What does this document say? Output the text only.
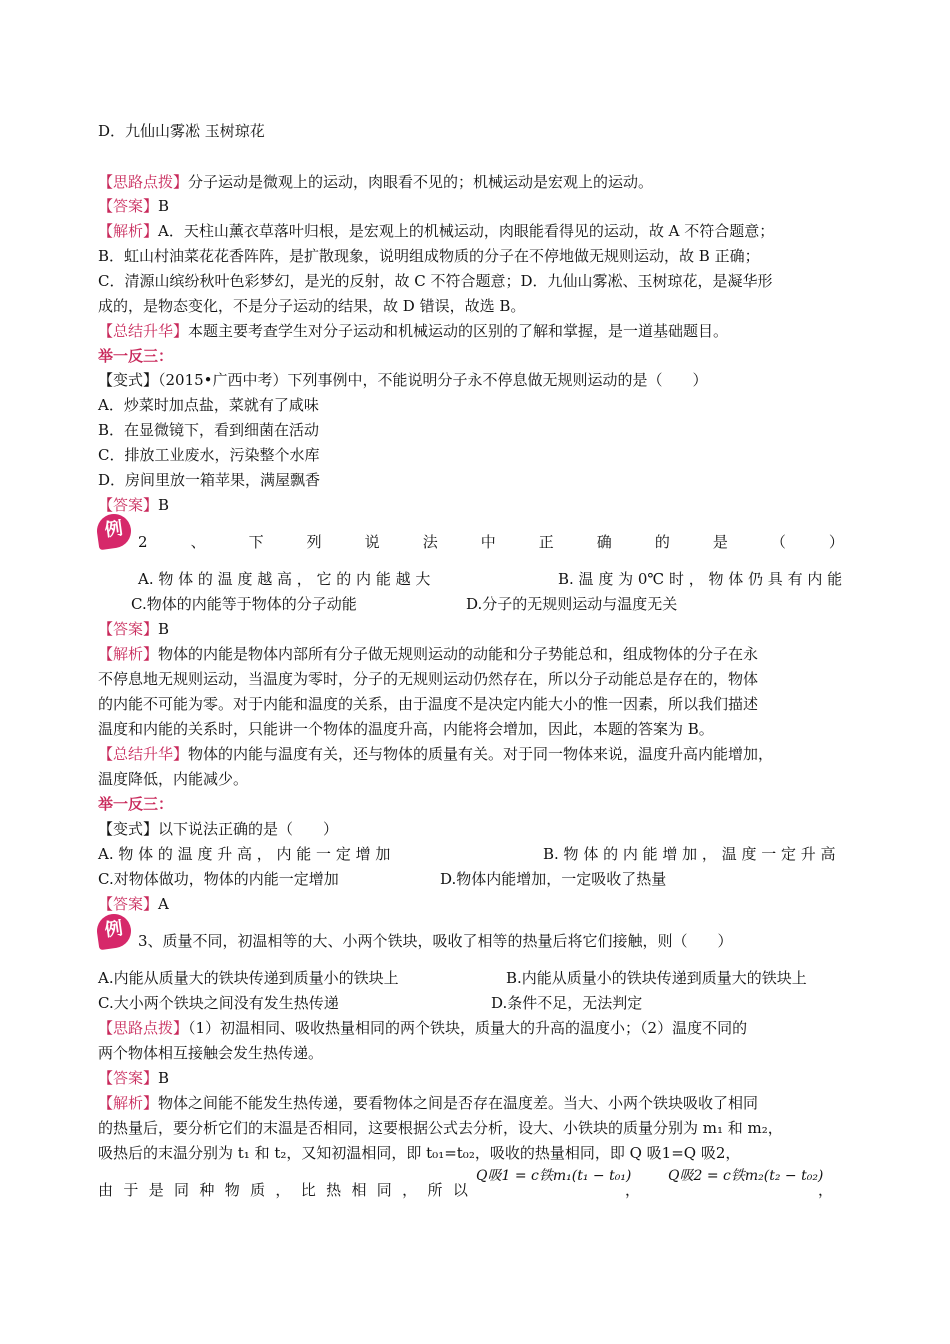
D．九仙山雾凇 玉树琼花
【思路点拨】分子运动是微观上的运动，肉眼看不见的；机械运动是宏观上的运动。
【答案】B
【解析】A．天柱山薰衣草落叶归根，是宏观上的机械运动，肉眼能看得见的运动，故 A 不符合题意；
B．虹山村油菜花花香阵阵，是扩散现象，说明组成物质的分子在不停地做无规则运动，故 B 正确；
C．清源山缤纷秋叶色彩梦幻，是光的反射，故 C 不符合题意；D．九仙山雾凇、玉树琼花，是凝华形
成的，是物态变化，不是分子运动的结果，故 D 错误，故选 B。
【总结升华】本题主要考查学生对分子运动和机械运动的区别的了解和掌握，是一道基础题目。
举一反三：
【变式】（2015•广西中考）下列事例中，不能说明分子永不停息做无规则运动的是（　　）
A．炒菜时加点盐，菜就有了咸味
B．在显微镜下，看到细菌在活动
C．排放工业废水，污染整个水库
D．房间里放一箱苹果，满屋飘香
【答案】B
例
2	、	下	列	说	法	中	正	确	的	是	（	）
A. 物 体 的 温 度 越 高 ， 它 的 内 能 越 大	B. 温 度 为 0℃ 时 ， 物 体 仍 具 有 内 能
C.物体的内能等于物体的分子动能	D.分子的无规则运动与温度无关
【答案】B
【解析】物体的内能是物体内部所有分子做无规则运动的动能和分子势能总和，组成物体的分子在永
不停息地无规则运动，当温度为零时，分子的无规则运动仍然存在，所以分子动能总是存在的，物体
的内能不可能为零。对于内能和温度的关系，由于温度不是决定内能大小的惟一因素，所以我们描述
温度和内能的关系时，只能讲一个物体的温度升高，内能将会增加，因此，本题的答案为 B。
【总结升华】物体的内能与温度有关，还与物体的质量有关。对于同一物体来说，温度升高内能增加，
温度降低，内能减少。
举一反三：
【变式】以下说法正确的是（　　）
A. 物 体 的 温 度 升 高 ， 内 能 一 定 增 加	B. 物 体 的 内 能 增 加 ， 温 度 一 定 升 高
C.对物体做功，物体的内能一定增加	D.物体内能增加，一定吸收了热量
【答案】A
例 3、质量不同，初温相等的大、小两个铁块，吸收了相等的热量后将它们接触，则（　　）
A.内能从质量大的铁块传递到质量小的铁块上	B.内能从质量小的铁块传递到质量大的铁块上
C.大小两个铁块之间没有发生热传递	D.条件不足，无法判定
【思路点拨】（1）初温相同、吸收热量相同的两个铁块，质量大的升高的温度小；（2）温度不同的
两个物体相互接触会发生热传递。
【答案】B
【解析】物体之间能不能发生热传递，要看物体之间是否存在温度差。当大、小两个铁块吸收了相同
的热量后，要分析它们的末温是否相同，这要根据公式去分析，设大、小铁块的质量分别为 m₁ 和 m₂，
吸热后的末温分别为 t₁ 和 t₂，又知初温相同，即 t₀₁=t₀₂，吸收的热量相同，即 Q 吸1=Q 吸2，
由 于 是 同 种 物 质 ， 比 热 相 同 ， 所 以
Q吸1 = c铁m₁(t₁ − t₀₁)
，
Q吸2 = c铁m₂(t₂ − t₀₂)
，
